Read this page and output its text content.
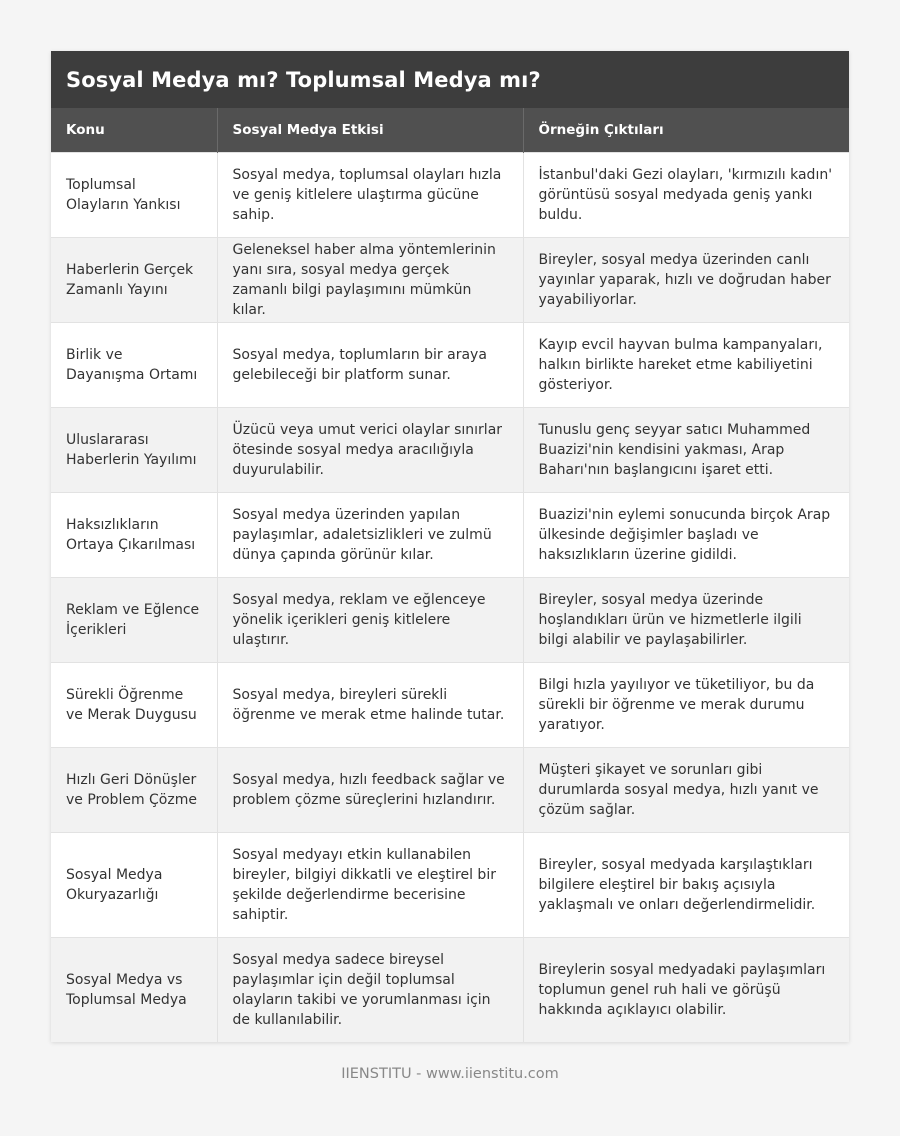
Sosyal Medya mı? Toplumsal Medya mı?
Konu	Sosyal Medya Etkisi	Örneğin Çıktıları
Toplumsal Olayların Yankısı	Sosyal medya, toplumsal olayları hızla ve geniş kitlelere ulaştırma gücüne sahip.	İstanbul'daki Gezi olayları, 'kırmızılı kadın' görüntüsü sosyal medyada geniş yankı buldu.
Haberlerin Gerçek Zamanlı Yayını	Geleneksel haber alma yöntemlerinin yanı sıra, sosyal medya gerçek zamanlı bilgi paylaşımını mümkün kılar.	Bireyler, sosyal medya üzerinden canlı yayınlar yaparak, hızlı ve doğrudan haber yayabiliyorlar.
Birlik ve Dayanışma Ortamı	Sosyal medya, toplumların bir araya gelebileceği bir platform sunar.	Kayıp evcil hayvan bulma kampanyaları, halkın birlikte hareket etme kabiliyetini gösteriyor.
Uluslararası Haberlerin Yayılımı	Üzücü veya umut verici olaylar sınırlar ötesinde sosyal medya aracılığıyla duyurulabilir.	Tunuslu genç seyyar satıcı Muhammed Buazizi'nin kendisini yakması, Arap Baharı'nın başlangıcını işaret etti.
Haksızlıkların Ortaya Çıkarılması	Sosyal medya üzerinden yapılan paylaşımlar, adaletsizlikleri ve zulmü dünya çapında görünür kılar.	Buazizi'nin eylemi sonucunda birçok Arap ülkesinde değişimler başladı ve haksızlıkların üzerine gidildi.
Reklam ve Eğlence İçerikleri	Sosyal medya, reklam ve eğlenceye yönelik içerikleri geniş kitlelere ulaştırır.	Bireyler, sosyal medya üzerinde hoşlandıkları ürün ve hizmetlerle ilgili bilgi alabilir ve paylaşabilirler.
Sürekli Öğrenme ve Merak Duygusu	Sosyal medya, bireyleri sürekli öğrenme ve merak etme halinde tutar.	Bilgi hızla yayılıyor ve tüketiliyor, bu da sürekli bir öğrenme ve merak durumu yaratıyor.
Hızlı Geri Dönüşler ve Problem Çözme	Sosyal medya, hızlı feedback sağlar ve problem çözme süreçlerini hızlandırır.	Müşteri şikayet ve sorunları gibi durumlarda sosyal medya, hızlı yanıt ve çözüm sağlar.
Sosyal Medya Okuryazarlığı	Sosyal medyayı etkin kullanabilen bireyler, bilgiyi dikkatli ve eleştirel bir şekilde değerlendirme becerisine sahiptir.	Bireyler, sosyal medyada karşılaştıkları bilgilere eleştirel bir bakış açısıyla yaklaşmalı ve onları değerlendirmelidir.
Sosyal Medya vs Toplumsal Medya	Sosyal medya sadece bireysel paylaşımlar için değil toplumsal olayların takibi ve yorumlanması için de kullanılabilir.	Bireylerin sosyal medyadaki paylaşımları toplumun genel ruh hali ve görüşü hakkında açıklayıcı olabilir.
IIENSTITU - www.iienstitu.com
